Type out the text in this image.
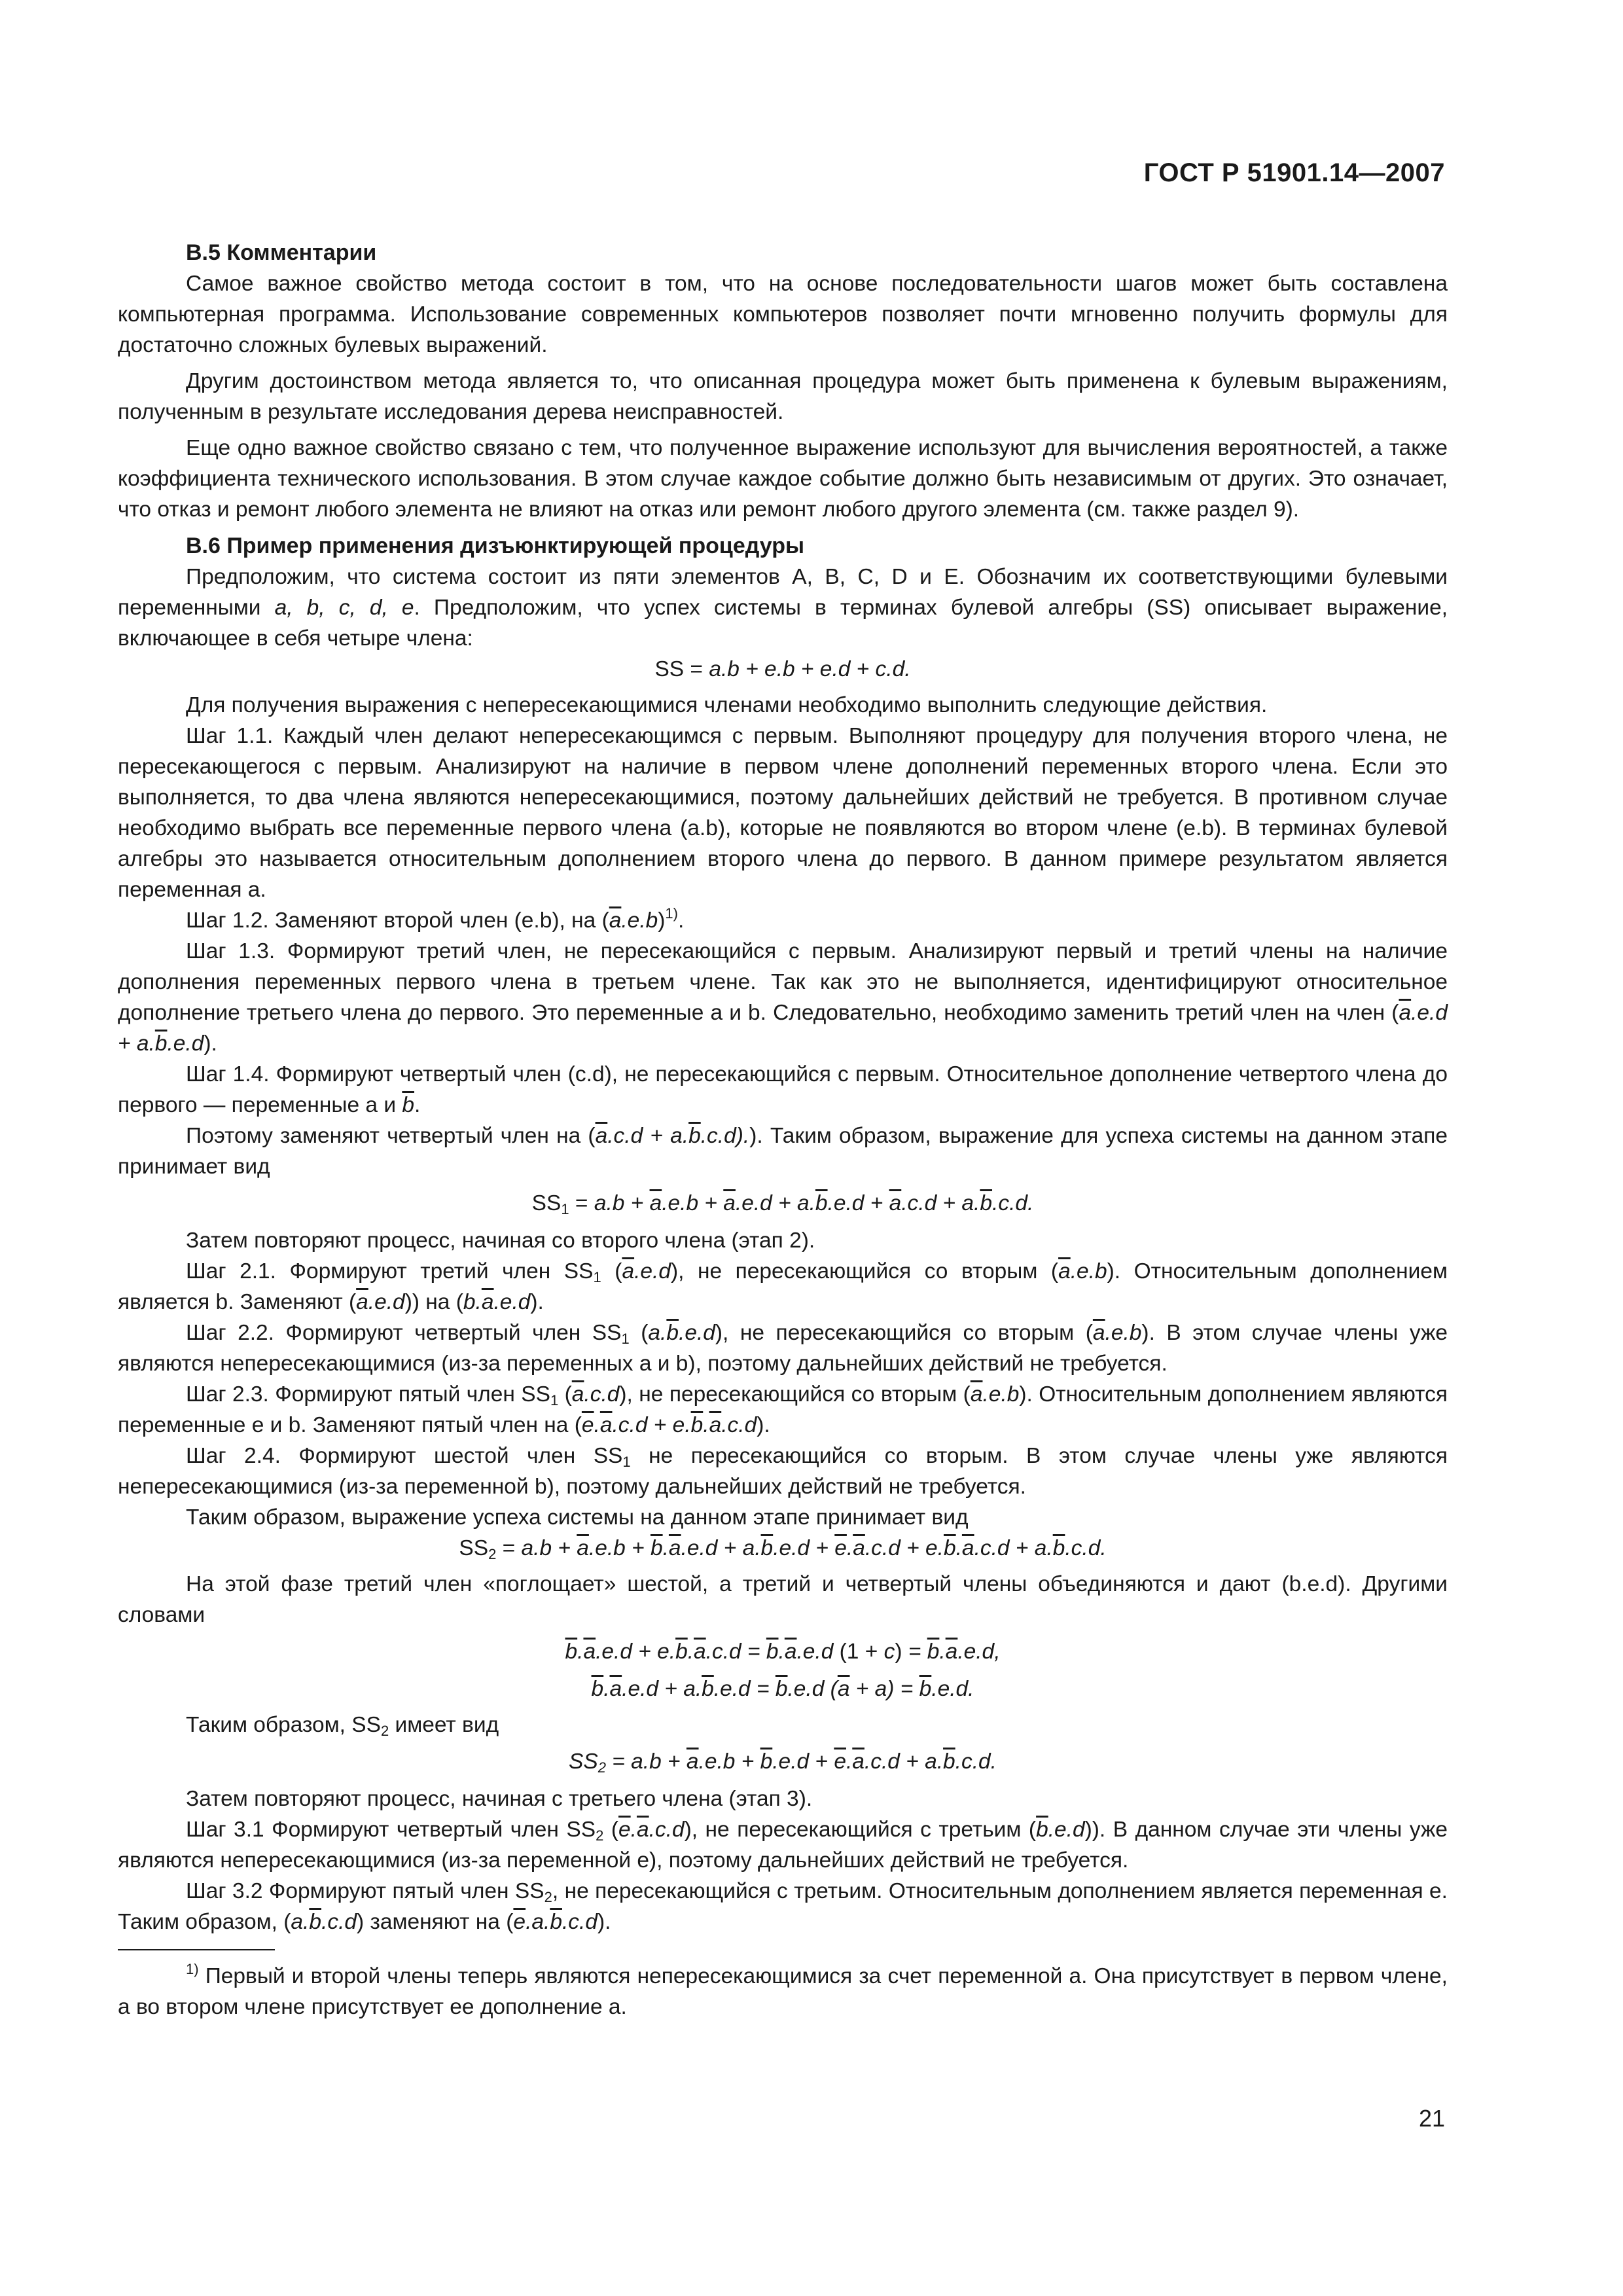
ГОСТ Р 51901.14—2007
B.5 Комментарии

Самое важное свойство метода состоит в том, что на основе последовательности шагов может быть составлена компьютерная программа. Использование современных компьютеров позволяет почти мгновенно получить формулы для достаточно сложных булевых выражений.

Другим достоинством метода является то, что описанная процедура может быть применена к булевым выражениям, полученным в результате исследования дерева неисправностей.

Еще одно важное свойство связано с тем, что полученное выражение используют для вычисления вероятностей, а также коэффициента технического использования. В этом случае каждое событие должно быть независимым от других. Это означает, что отказ и ремонт любого элемента не влияют на отказ или ремонт любого другого элемента (см. также раздел 9).

B.6 Пример применения дизъюнктирующей процедуры

Предположим, что система состоит из пяти элементов А, В, С, D и Е. Обозначим их соответствующими булевыми переменными a, b, c, d, e. Предположим, что успех системы в терминах булевой алгебры (SS) описывает выражение, включающее в себя четыре члена:

SS = a.b + e.b + e.d + c.d.

Для получения выражения с непересекающимися членами необходимо выполнить следующие действия.

Шаг 1.1. Каждый член делают непересекающимся с первым. Выполняют процедуру для получения второго члена, не пересекающегося с первым. Анализируют на наличие в первом члене дополнений переменных второго члена. Если это выполняется, то два члена являются непересекающимися, поэтому дальнейших действий не требуется. В противном случае необходимо выбрать все переменные первого члена (a.b), которые не появляются во втором члене (e.b). В терминах булевой алгебры это называется относительным дополнением второго члена до первого. В данном примере результатом является переменная a.

Шаг 1.2. Заменяют второй член (e.b), на $(\overline{a}.e.b)^{1)}$.

Шаг 1.3. Формируют третий член, не пересекающийся с первым. Анализируют первый и третий члены на наличие дополнения переменных первого члена в третьем члене. Так как это не выполняется, идентифицируют относительное дополнение третьего члена до первого. Это переменные a и b. Следовательно, необходимо заменить третий член на член $(\overline{a}.e.d + a.\overline{b}.e.d)$.

Шаг 1.4. Формируют четвертый член (c.d), не пересекающийся с первым. Относительное дополнение четвертого члена до первого — переменные a и $\overline{b}$.

Поэтому заменяют четвертый член на $(\overline{a}.c.d + a.\overline{b}.c.d)$.). Таким образом, выражение для успеха системы на данном этапе принимает вид

$SS_1 = a.b + \overline{a}.e.b + \overline{a}.e.d + a.\overline{b}.e.d + \overline{a}.c.d + a.\overline{b}.c.d$.

Затем повторяют процесс, начиная со второго члена (этап 2).

Шаг 2.1. Формируют третий член $SS_1$ $(\overline{a}.e.d)$, не пересекающийся со вторым $(\overline{a}.e.b)$. Относительным дополнением является b. Заменяют $(\overline{a}.e.d)$) на $(b.\overline{a}.e.d)$.

Шаг 2.2. Формируют четвертый член $SS_1$ $(a.\overline{b}.e.d)$, не пересекающийся со вторым $(\overline{a}.e.b)$. В этом случае члены уже являются непересекающимися (из-за переменных a и b), поэтому дальнейших действий не требуется.

Шаг 2.3. Формируют пятый член $SS_1$ $(\overline{a}.c.d)$, не пересекающийся со вторым $(\overline{a}.e.b)$. Относительным дополнением являются переменные e и b. Заменяют пятый член на $(\overline{e}.\overline{a}.c.d + e.\overline{b}.\overline{a}.c.d)$.

Шаг 2.4. Формируют шестой член $SS_1$ не пересекающийся со вторым. В этом случае члены уже являются непересекающимися (из-за переменной b), поэтому дальнейших действий не требуется.

Таким образом, выражение успеха системы на данном этапе принимает вид

$SS_2 = a.b + \overline{a}.e.b + \overline{b}.\overline{a}.e.d + a.\overline{b}.e.d + \overline{e}.\overline{a}.c.d + e.\overline{b}.\overline{a}.c.d + a.\overline{b}.c.d$.

На этой фазе третий член «поглощает» шестой, а третий и четвертый члены объединяются и дают (b.e.d). Другими словами

$\overline{b}.\overline{a}.e.d + e.\overline{b}.\overline{a}.c.d = \overline{b}.\overline{a}.e.d$ $(1 + c) = \overline{b}.\overline{a}.e.d$,

$\overline{b}.\overline{a}.e.d + a.\overline{b}.e.d = \overline{b}.e.d$ $(\overline{a} + a) = \overline{b}.e.d$.

Таким образом, $SS_2$ имеет вид

$SS_2 = a.b + \overline{a}.e.b + \overline{b}.e.d + \overline{e}.\overline{a}.c.d + a.\overline{b}.c.d$.

Затем повторяют процесс, начиная с третьего члена (этап 3).

Шаг 3.1 Формируют четвертый член $SS_2$ $(\overline{e}.\overline{a}.c.d)$, не пересекающийся с третьим $(\overline{b}.e.d)$). В данном случае эти члены уже являются непересекающимися (из-за переменной e), поэтому дальнейших действий не требуется.

Шаг 3.2 Формируют пятый член $SS_2$, не пересекающийся с третьим. Относительным дополнением является переменная e. Таким образом, $(a.\overline{b}.c.d)$ заменяют на $(\overline{e}.a.\overline{b}.c.d)$.

$^{1)}$ Первый и второй члены теперь являются непересекающимися за счет переменной a. Она присутствует в первом члене, а во втором члене присутствует ее дополнение a.

21
